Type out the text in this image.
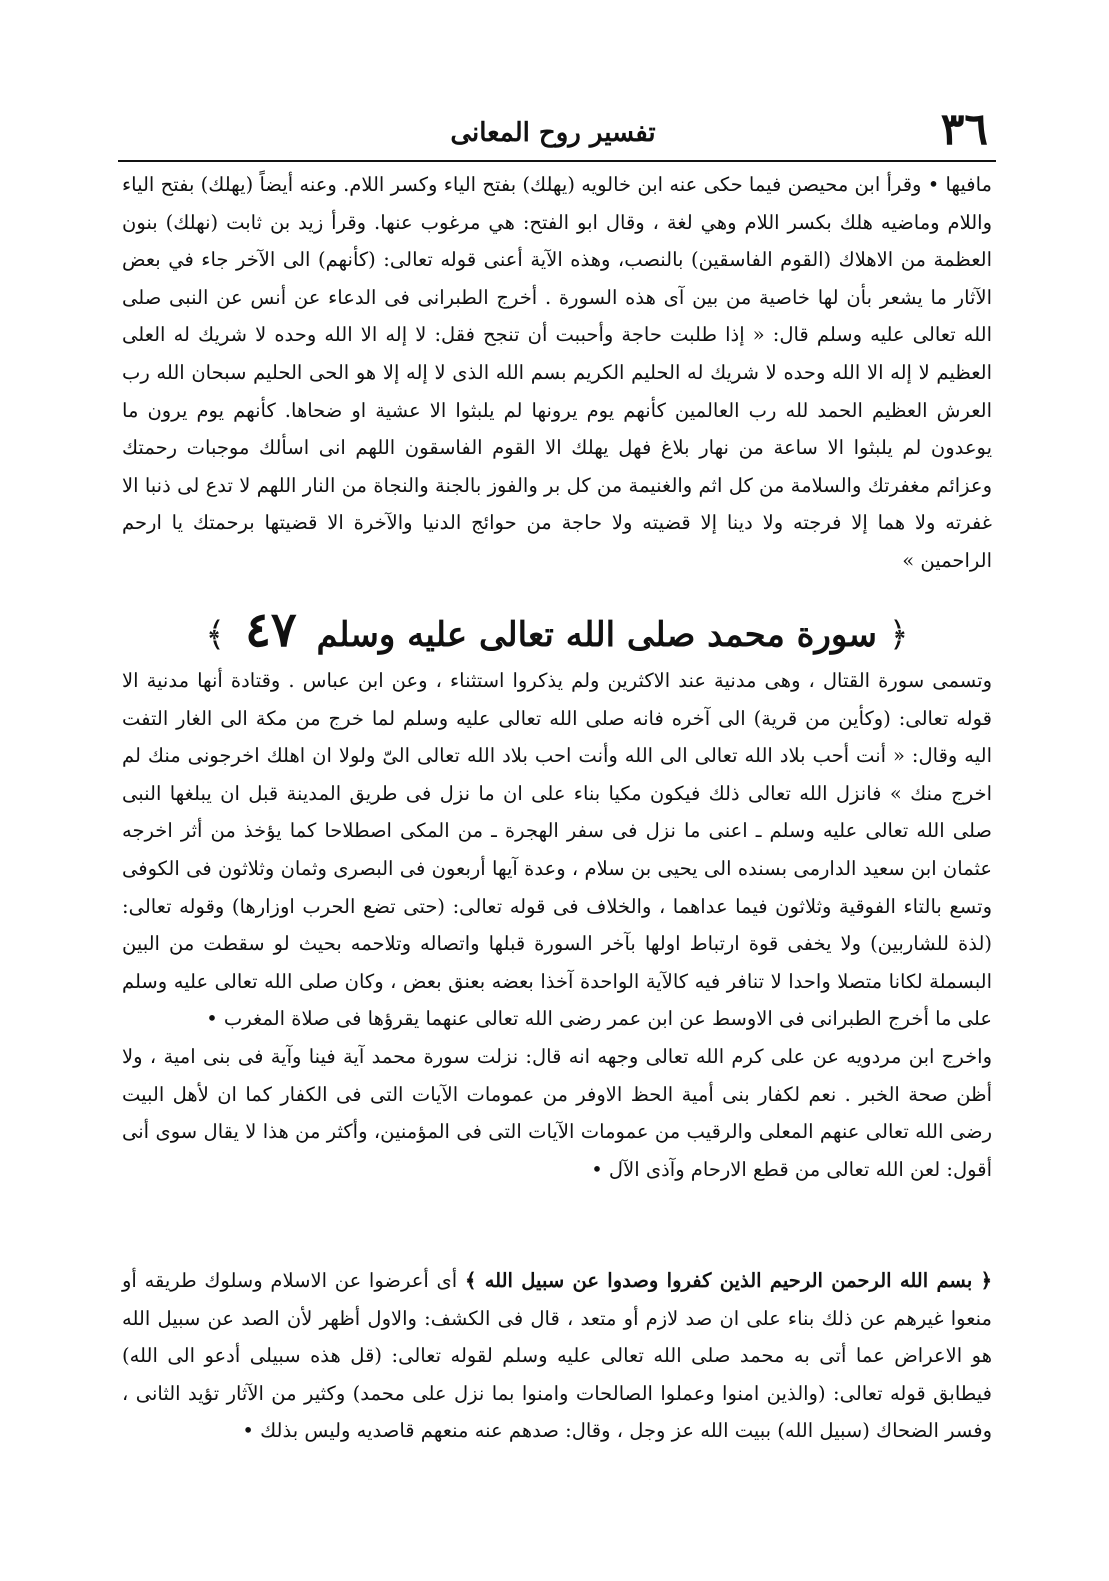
٣٦
تفسير روح المعانى

مافيها • وقرأ ابن محيصن فيما حكى عنه ابن خالويه (يهلك) بفتح الياء وكسر اللام. وعنه أيضاً (يهلك) بفتح الياء واللام وماضيه هلك بكسر اللام وهي لغة ، وقال ابو الفتح: هي مرغوب عنها. وقرأ زيد بن ثابت (نهلك) بنون العظمة من الاهلاك (القوم الفاسقين) بالنصب، وهذه الآية أعنى قوله تعالى: (كأنهم) الى الآخر جاء في بعض الآثار ما يشعر بأن لها خاصية من بين آى هذه السورة . أخرج الطبرانى فى الدعاء عن أنس عن النبى صلى الله تعالى عليه وسلم قال: « إذا طلبت حاجة وأحببت أن تنجح فقل: لا إله الا الله وحده لا شريك له العلى العظيم لا إله الا الله وحده لا شريك له الحليم الكريم بسم الله الذى لا إله إلا هو الحى الحليم سبحان الله رب العرش العظيم الحمد لله رب العالمين كأنهم يوم يرونها لم يلبثوا الا عشية او ضحاها. كأنهم يوم يرون ما يوعدون لم يلبثوا الا ساعة من نهار بلاغ فهل يهلك الا القوم الفاسقون اللهم انى اسألك موجبات رحمتك وعزائم مغفرتك والسلامة من كل اثم والغنيمة من كل بر والفوز بالجنة والنجاة من النار اللهم لا تدع لى ذنبا الا غفرته ولا هما إلا فرجته ولا دينا إلا قضيته ولا حاجة من حوائج الدنيا والآخرة الا قضيتها برحمتك يا ارحم الراحمين »

﴿ سورة محمد صلى الله تعالى عليه وسلم ٤٧ ﴾

وتسمى سورة القتال ، وهى مدنية عند الاكثرين ولم يذكروا استثناء ، وعن ابن عباس . وقتادة أنها مدنية الا قوله تعالى: (وكأين من قرية) الى آخره فانه صلى الله تعالى عليه وسلم لما خرج من مكة الى الغار التفت اليه وقال: « أنت أحب بلاد الله تعالى الى الله وأنت احب بلاد الله تعالى الىّ ولولا ان اهلك اخرجونى منك لم اخرج منك » فانزل الله تعالى ذلك فيكون مكيا بناء على ان ما نزل فى طريق المدينة قبل ان يبلغها النبى صلى الله تعالى عليه وسلم ـ اعنى ما نزل فى سفر الهجرة ـ من المكى اصطلاحا كما يؤخذ من أثر اخرجه عثمان ابن سعيد الدارمى بسنده الى يحيى بن سلام ، وعدة آيها أربعون فى البصرى وثمان وثلاثون فى الكوفى وتسع بالتاء الفوقية وثلاثون فيما عداهما ، والخلاف فى قوله تعالى: (حتى تضع الحرب اوزارها) وقوله تعالى: (لذة للشاربين) ولا يخفى قوة ارتباط اولها بآخر السورة قبلها واتصاله وتلاحمه بحيث لو سقطت من البين البسملة لكانا متصلا واحدا لا تنافر فيه كالآية الواحدة آخذا بعضه بعنق بعض ، وكان صلى الله تعالى عليه وسلم على ما أخرج الطبرانى فى الاوسط عن ابن عمر رضى الله تعالى عنهما يقرؤها فى صلاة المغرب •

واخرج ابن مردويه عن على كرم الله تعالى وجهه انه قال: نزلت سورة محمد آية فينا وآية فى بنى امية ، ولا أظن صحة الخبر . نعم لكفار بنى أمية الحظ الاوفر من عمومات الآيات التى فى الكفار كما ان لأهل البيت رضى الله تعالى عنهم المعلى والرقيب من عمومات الآيات التى فى المؤمنين، وأكثر من هذا لا يقال سوى أنى أقول: لعن الله تعالى من قطع الارحام وآذى الآل •

﴿ بسم الله الرحمن الرحيم الذين كفروا وصدوا عن سبيل الله ﴾ أى أعرضوا عن الاسلام وسلوك طريقه أو منعوا غيرهم عن ذلك بناء على ان صد لازم أو متعد ، قال فى الكشف: والاول أظهر لأن الصد عن سبيل الله هو الاعراض عما أتى به محمد صلى الله تعالى عليه وسلم لقوله تعالى: (قل هذه سبيلى أدعو الى الله) فيطابق قوله تعالى: (والذين امنوا وعملوا الصالحات وامنوا بما نزل على محمد) وكثير من الآثار تؤيد الثانى ، وفسر الضحاك (سبيل الله) ببيت الله عز وجل ، وقال: صدهم عنه منعهم قاصديه وليس بذلك •
